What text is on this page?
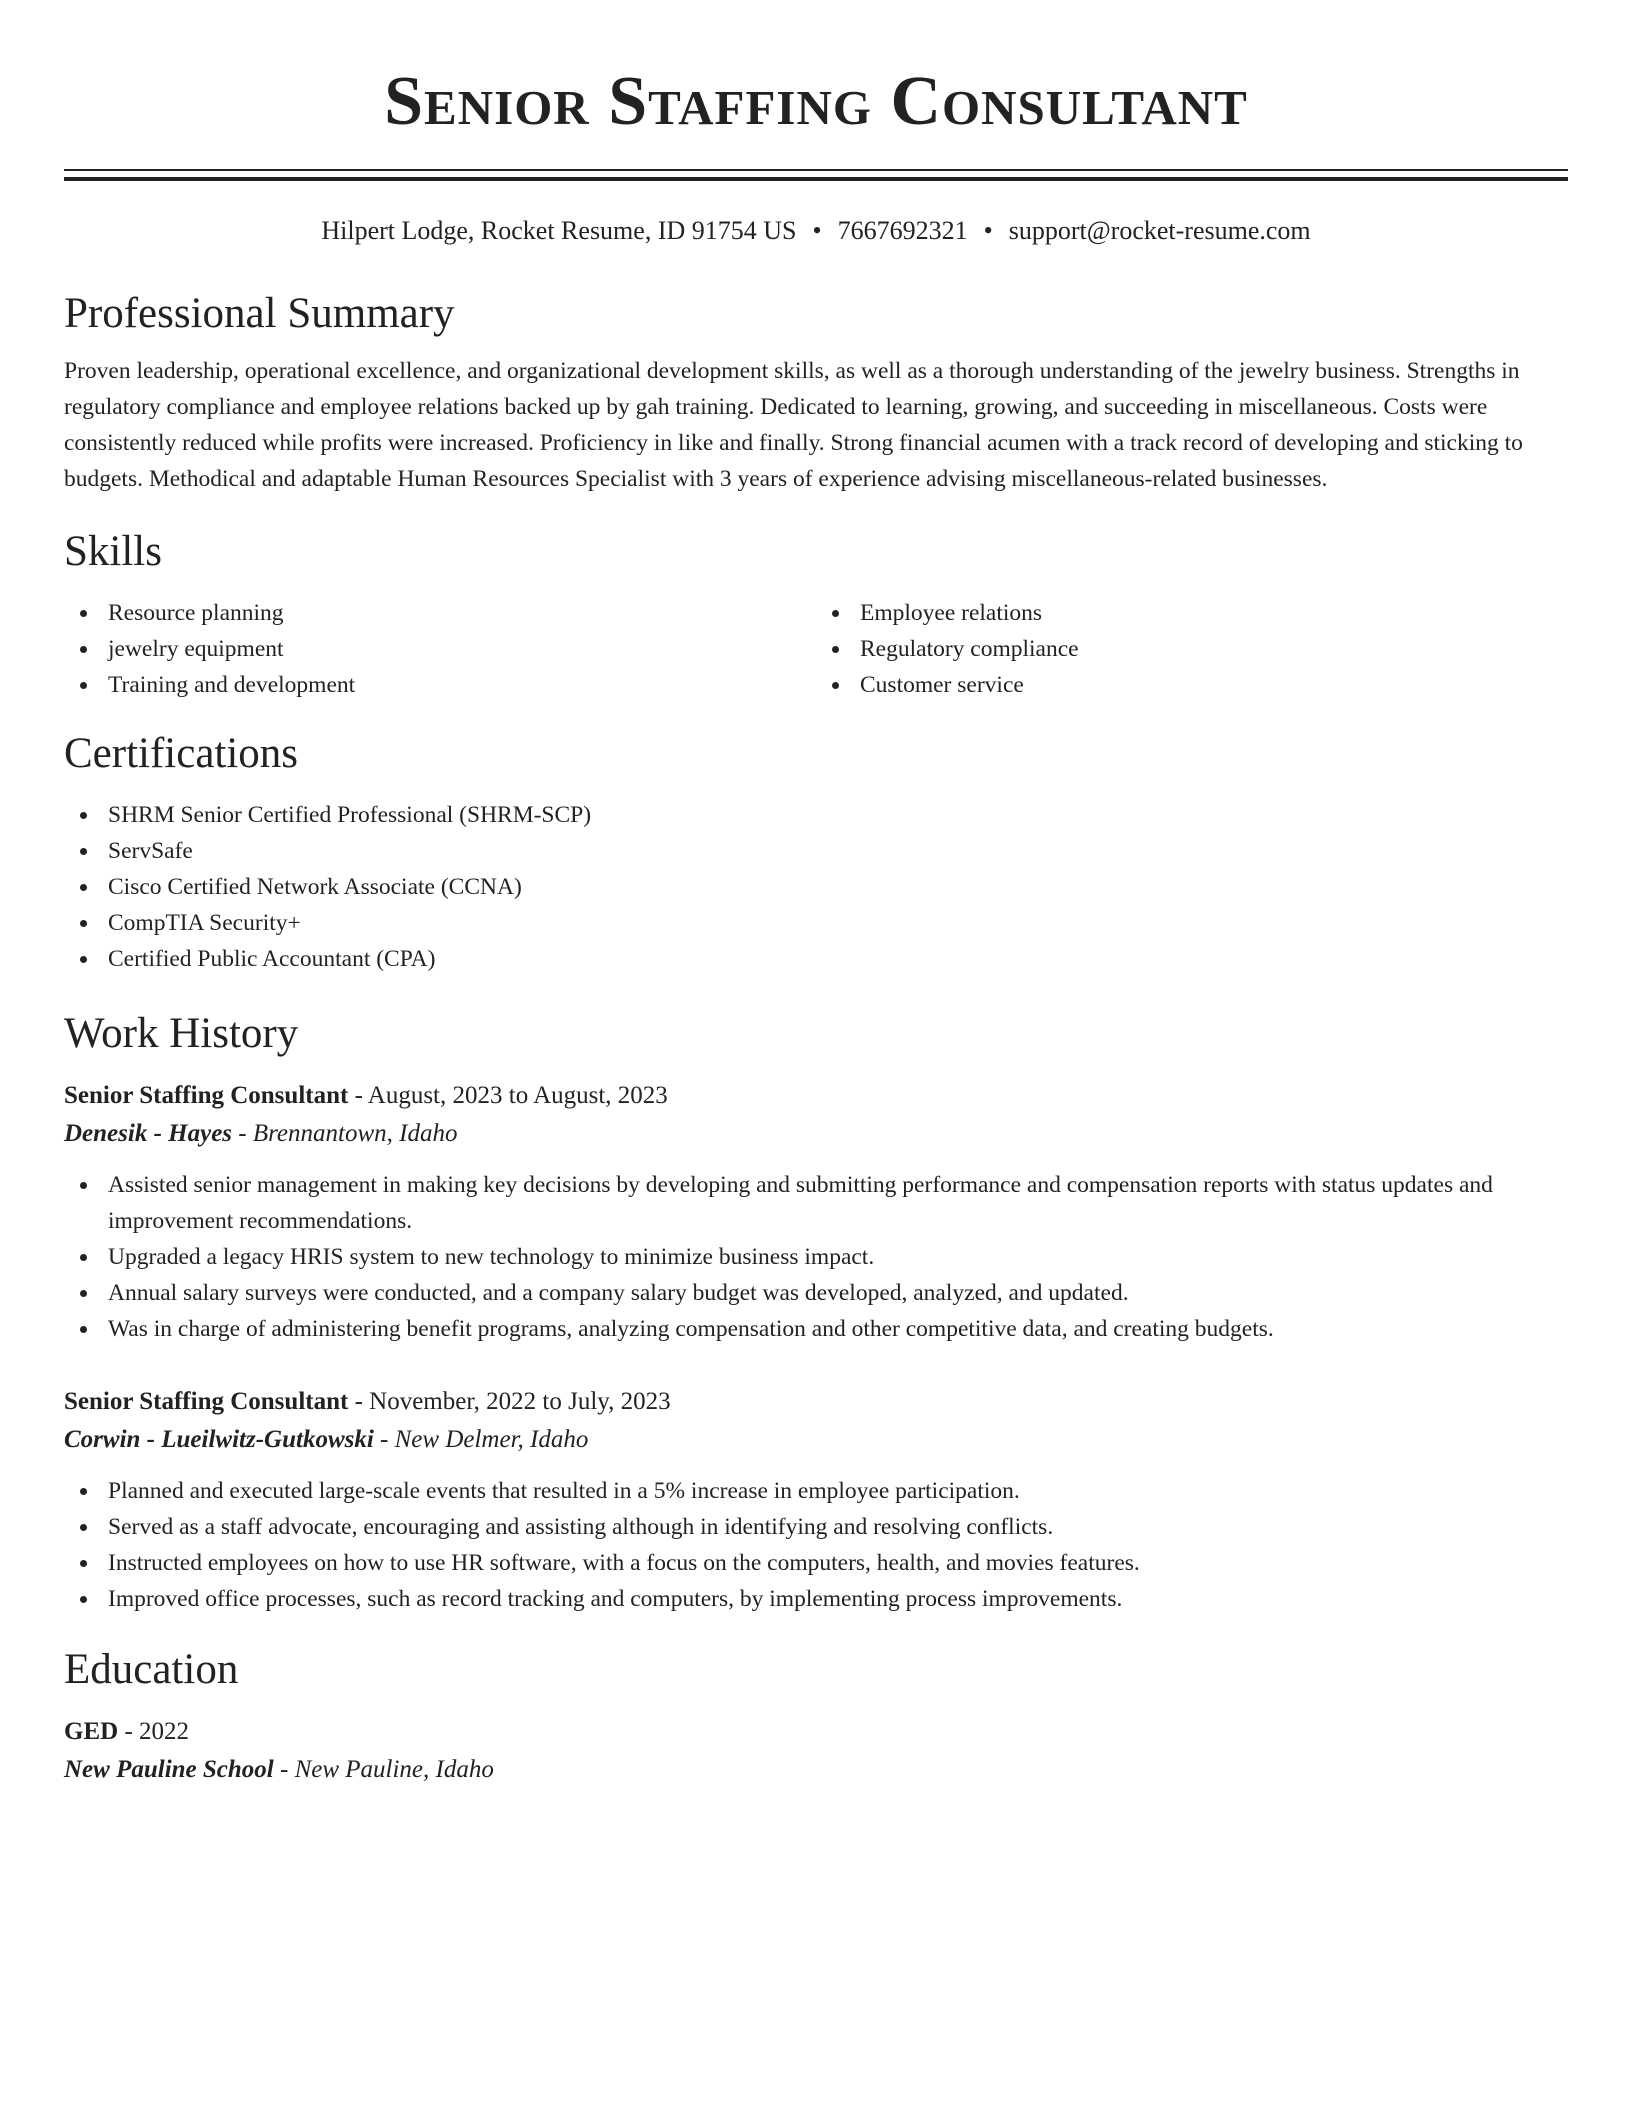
Senior Staffing Consultant
Hilpert Lodge, Rocket Resume, ID 91754 US • 7667692321 • support@rocket-resume.com
Professional Summary

Proven leadership, operational excellence, and organizational development skills, as well as a thorough understanding of the jewelry business. Strengths in regulatory compliance and employee relations backed up by gah training. Dedicated to learning, growing, and succeeding in miscellaneous. Costs were consistently reduced while profits were increased. Proficiency in like and finally. Strong financial acumen with a track record of developing and sticking to budgets. Methodical and adaptable Human Resources Specialist with 3 years of experience advising miscellaneous-related businesses.

Skills
Resource planning
jewelry equipment
Training and development
Employee relations
Regulatory compliance
Customer service
Certifications
SHRM Senior Certified Professional (SHRM-SCP)
ServSafe
Cisco Certified Network Associate (CCNA)
CompTIA Security+
Certified Public Accountant (CPA)
Work History
Senior Staffing Consultant - August, 2023 to August, 2023
Denesik - Hayes - Brennantown, Idaho
Assisted senior management in making key decisions by developing and submitting performance and compensation reports with status updates and improvement recommendations.
Upgraded a legacy HRIS system to new technology to minimize business impact.
Annual salary surveys were conducted, and a company salary budget was developed, analyzed, and updated.
Was in charge of administering benefit programs, analyzing compensation and other competitive data, and creating budgets.
Senior Staffing Consultant - November, 2022 to July, 2023
Corwin - Lueilwitz-Gutkowski - New Delmer, Idaho
Planned and executed large-scale events that resulted in a 5% increase in employee participation.
Served as a staff advocate, encouraging and assisting although in identifying and resolving conflicts.
Instructed employees on how to use HR software, with a focus on the computers, health, and movies features.
Improved office processes, such as record tracking and computers, by implementing process improvements.
Education
GED - 2022
New Pauline School - New Pauline, Idaho
